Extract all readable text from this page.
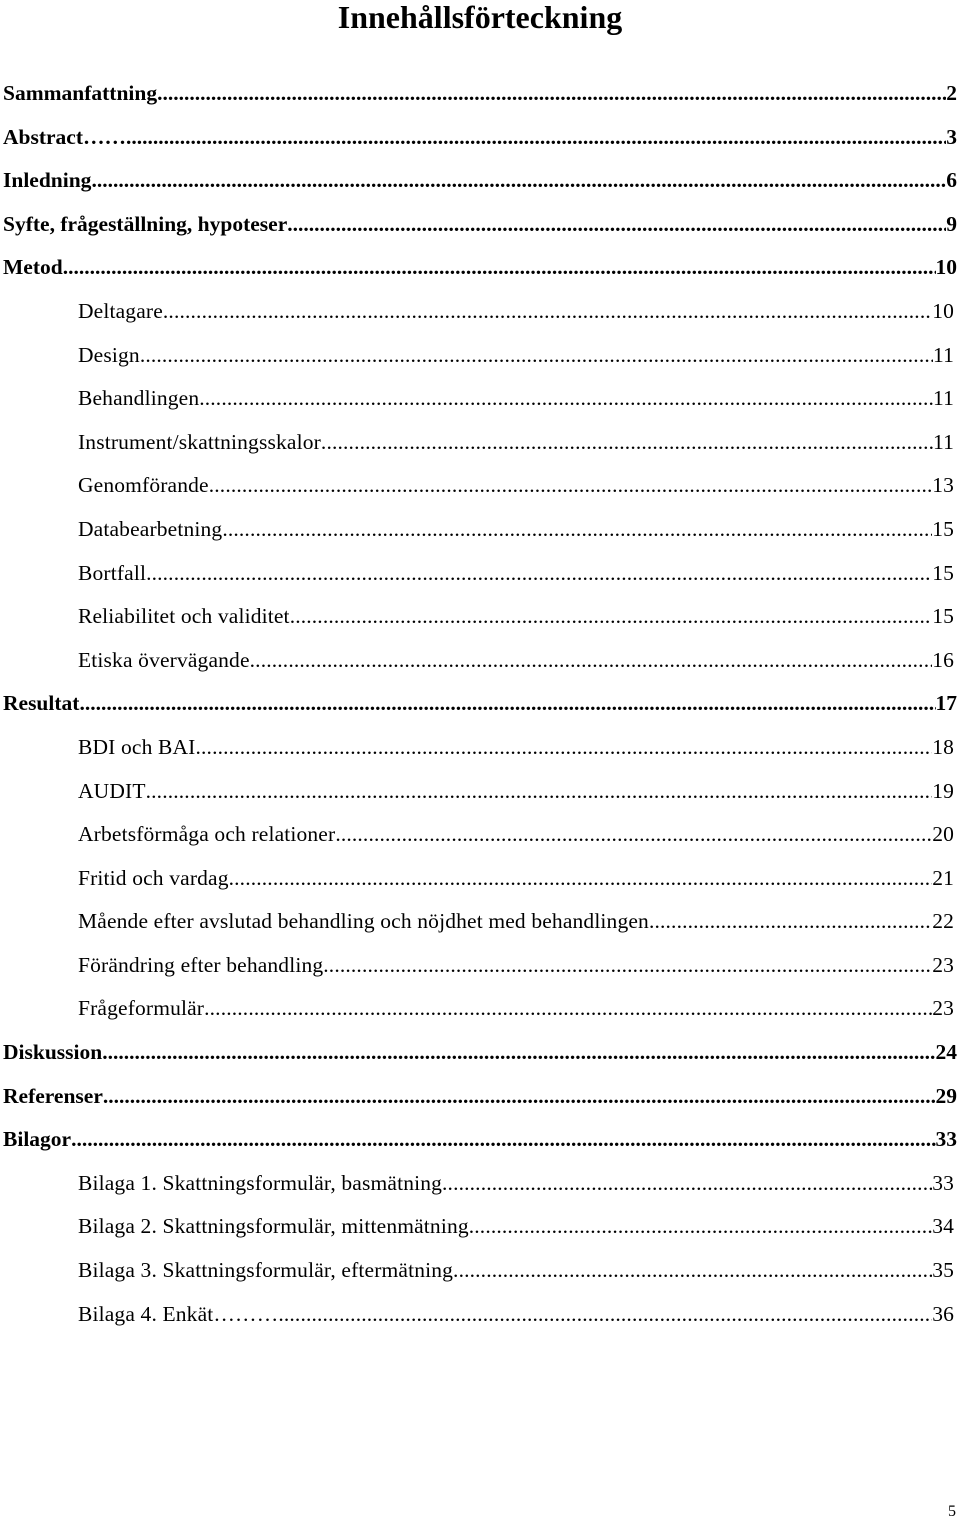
Innehållsförteckning
Sammanfattning .....	2
Abstract…… .....	3
Inledning .....	6
Syfte, frågeställning, hypoteser .....	9
Metod .....	10
Deltagare .....	10
Design .....	11
Behandlingen .....	11
Instrument/skattningsskalor .....	11
Genomförande .....	13
Databearbetning .....	15
Bortfall .....	15
Reliabilitet och validitet .....	15
Etiska övervägande .....	16
Resultat .....	17
BDI och BAI .....	18
AUDIT .....	19
Arbetsförmåga och relationer .....	20
Fritid och vardag .....	21
Mående efter avslutad behandling och nöjdhet med behandlingen .....	22
Förändring efter behandling .....	23
Frågeformulär .....	23
Diskussion .....	24
Referenser .....	29
Bilagor .....	33
Bilaga 1. Skattningsformulär, basmätning .....	33
Bilaga 2. Skattningsformulär, mittenmätning .....	34
Bilaga 3. Skattningsformulär, eftermätning .....	35
Bilaga 4. Enkät……… .....	36
5
